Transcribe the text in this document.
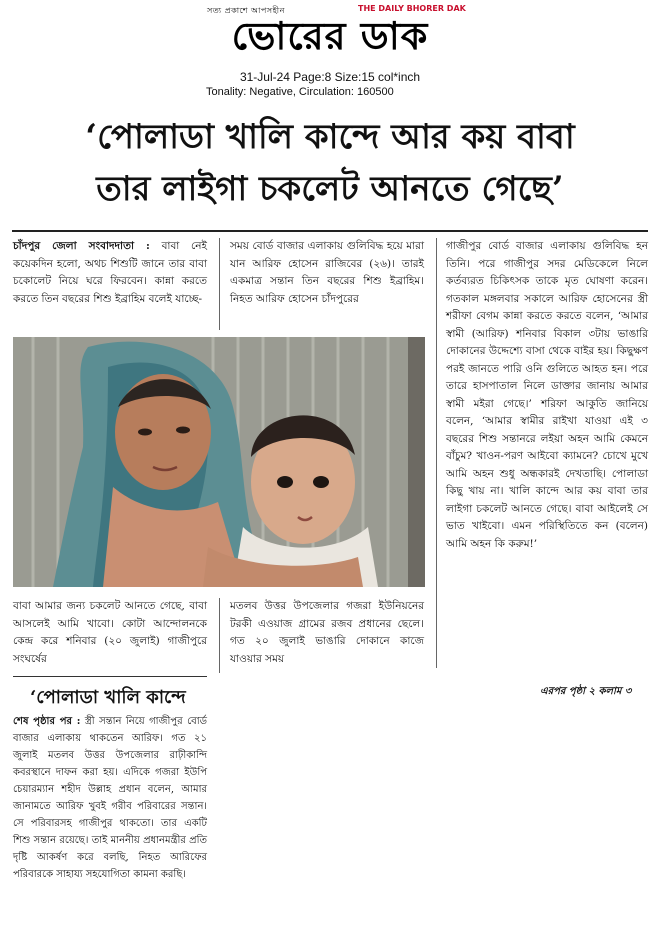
সত্য প্রকাশে আপসহীন	THE DAILY BHORER DAK
ভোরের ডাক
31-Jul-24 Page:8 Size:15 col*inch
Tonality: Negative, Circulation: 160500
‘পোলাডা খালি কান্দে আর কয় বাবা
তার লাইগা চকলেট আনতে গেছে’

চাঁদপুর জেলা সংবাদদাতা : বাবা নেই কয়েকদিন হলো, অথচ শিশুটি জানে তার বাবা চকোলেট নিয়ে ঘরে ফিরবেন। কান্না করতে করতে তিন বছরের শিশু ইব্রাহিম বলেই যাচ্ছে-

সময় বোর্ড বাজার এলাকায় গুলিবিদ্ধ হয়ে মারা যান আরিফ হোসেন রাজিবের (২৬)। তারই একমাত্র সন্তান তিন বছরের শিশু ইব্রাহিম। নিহত আরিফ হোসেন চাঁদপুরের

গাজীপুর বোর্ড বাজার এলাকায় গুলিবিদ্ধ হন তিনি। পরে গাজীপুর সদর মেডিকেলে নিলে কর্তব্যরত চিকিৎসক তাকে মৃত ঘোষণা করেন। গতকাল মঙ্গলবার সকালে আরিফ হোসেনের স্ত্রী শরীফা বেগম কান্না করতে করতে বলেন, ‘আমার স্বামী (আরিফ) শনিবার বিকাল ৩টায় ভাঙারি দোকানের উদ্দেশ্যে বাসা থেকে বাইর হয়। কিছুক্ষণ পরই জানতে পারি ওনি গুলিতে আহত হন। পরে তারে হাসপাতাল নিলে ডাক্তার জানায় আমার স্বামী মইরা গেছে।’ শরিফা আকুতি জানিয়ে বলেন, ‘আমার স্বামীর রাইখা যাওয়া এই ৩ বছরের শিশু সন্তানরে লইয়া অহন আমি কেমনে বাঁচুম? খাওন-পরণ আইবো ক্যামনে? চোখে মুখে আমি অহন শুধু অন্ধকারই দেখতাছি। পোলাডা কিছু খায় না। খালি কান্দে আর কয় বাবা তার লাইগা চকলেট আনতে গেছে। বাবা আইলেই সে ভাত খাইবো। এমন পরিস্থিতিতে কন (বলেন) আমি অহন কি করুম!’

বাবা আমার জন্য চকলেট আনতে গেছে, বাবা আসলেই আমি খাবো। কোটা আন্দোলনকে কেন্দ্র করে শনিবার (২০ জুলাই) গাজীপুরে সংঘর্ষের

মতলব উত্তর উপজেলার গজরা ইউনিয়নের টরকী এওয়াজ গ্রামের রজব প্রধানের ছেলে। গত ২০ জুলাই ভাঙারি দোকানে কাজে যাওয়ার সময়

এরপর পৃষ্ঠা ২ কলাম ৩
‘পোলাডা খালি কান্দে

শেষ পৃষ্ঠার পর : স্ত্রী সন্তান নিয়ে গাজীপুর বোর্ড বাজার এলাকায় থাকতেন আরিফ। গত ২১ জুলাই মতলব উত্তর উপজেলার রাঢ়ীকান্দি কবরস্থানে দাফন করা হয়। এদিকে গজরা ইউপি চেয়ারম্যান শহীদ উল্লাহ প্রধান বলেন, আমার জানামতে আরিফ খুবই গরীব পরিবারের সন্তান। সে পরিবারসহ গাজীপুর থাকতো। তার একটি শিশু সন্তান রয়েছে। তাই মাননীয় প্রধানমন্ত্রীর প্রতি দৃষ্টি আকর্ষণ করে বলছি, নিহত আরিফের পরিবারকে সাহায্য সহযোগিতা কামনা করছি।
